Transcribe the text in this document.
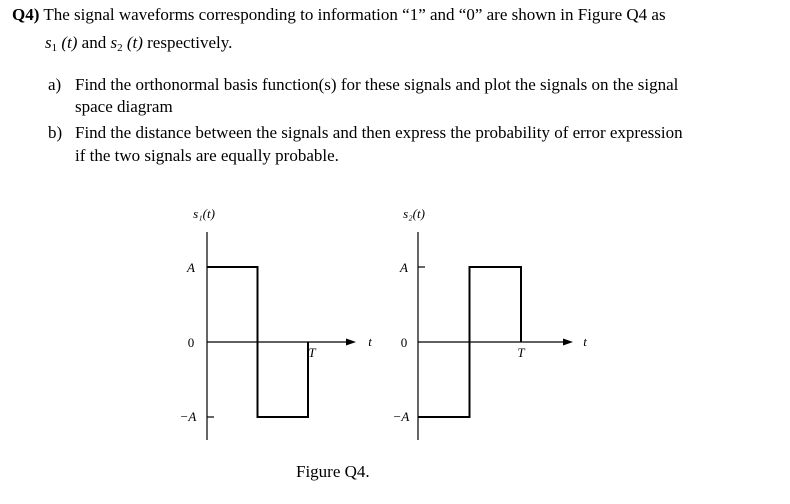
Q4) The signal waveforms corresponding to information “1” and “0” are shown in Figure Q4 as
$s_1$ (t) and $s_2$ (t) respectively.
a) Find the orthonormal basis function(s) for these signals and plot the signals on the signal
space diagram
b) Find the distance between the signals and then express the probability of error expression
if the two signals are equally probable.
s₁(t)
A
0
−A
T
t
s₂(t)
A
0
−A
T
t
Figure Q4.
